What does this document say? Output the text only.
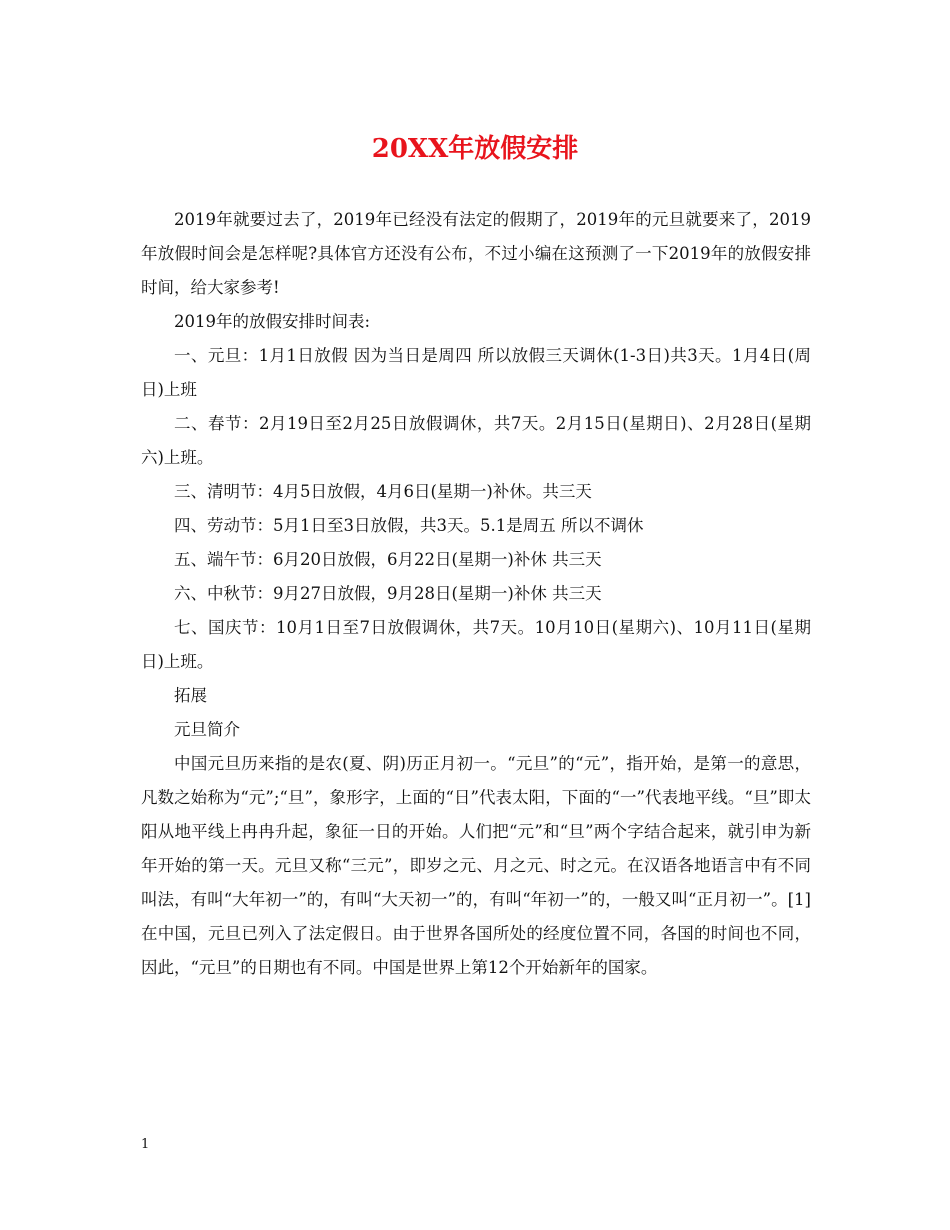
20XX年放假安排

2019年就要过去了，2019年已经没有法定的假期了，2019年的元旦就要来了，2019年放假时间会是怎样呢?具体官方还没有公布，不过小编在这预测了一下2019年的放假安排时间，给大家参考!

2019年的放假安排时间表:

一、元旦：1月1日放假 因为当日是周四 所以放假三天调休(1-3日)共3天。1月4日(周日)上班

二、春节：2月19日至2月25日放假调休，共7天。2月15日(星期日)、2月28日(星期六)上班。

三、清明节：4月5日放假，4月6日(星期一)补休。共三天

四、劳动节：5月1日至3日放假，共3天。5.1是周五 所以不调休

五、端午节：6月20日放假，6月22日(星期一)补休 共三天

六、中秋节：9月27日放假，9月28日(星期一)补休 共三天

七、国庆节：10月1日至7日放假调休，共7天。10月10日(星期六)、10月11日(星期日)上班。

拓展

元旦简介

中国元旦历来指的是农(夏、阴)历正月初一。“元旦”的“元”，指开始，是第一的意思，凡数之始称为“元”;“旦”，象形字，上面的“日”代表太阳，下面的“一”代表地平线。“旦”即太阳从地平线上冉冉升起，象征一日的开始。人们把“元”和“旦”两个字结合起来，就引申为新年开始的第一天。元旦又称“三元”，即岁之元、月之元、时之元。在汉语各地语言中有不同叫法，有叫“大年初一”的，有叫“大天初一”的，有叫“年初一”的，一般又叫“正月初一”。[1]在中国，元旦已列入了法定假日。由于世界各国所处的经度位置不同，各国的时间也不同，因此，“元旦”的日期也有不同。中国是世界上第12个开始新年的国家。

1
